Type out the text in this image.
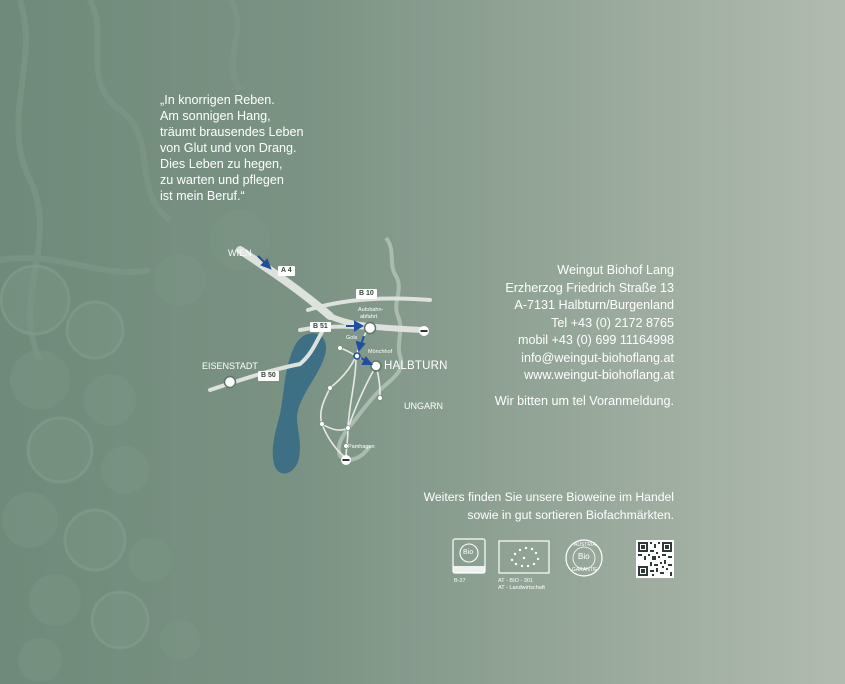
„In knorrigen Reben.
Am sonnigen Hang,
träumt brausendes Leben
von Glut und von Drang.
Dies Leben zu hegen,
zu warten und pflegen
ist mein Beruf.“
WIEN
EISENSTADT	HALBTURN
UNGARN
Autobahn-
abfahrt
Gols
Mönchhof
Pamhagen
A 4
B 10
B 51
B 50
Weingut Biohof Lang
Erzherzog Friedrich Straße 13
A-7131 Halbturn/Burgenland
Tel +43 (0) 2172 8765
mobil +43 (0) 699 11164998
info@weingut-biohoflang.at
www.weingut-biohoflang.at
Wir bitten um tel Voranmeldung.
Weiters finden Sie unsere Bioweine im Handel
sowie in gut sortieren Biofachmärkten.
Bio
B-27	AT - BIO - 301
AT - Landwirtschaft
AUSTRIA
Bio
GARANTIE
